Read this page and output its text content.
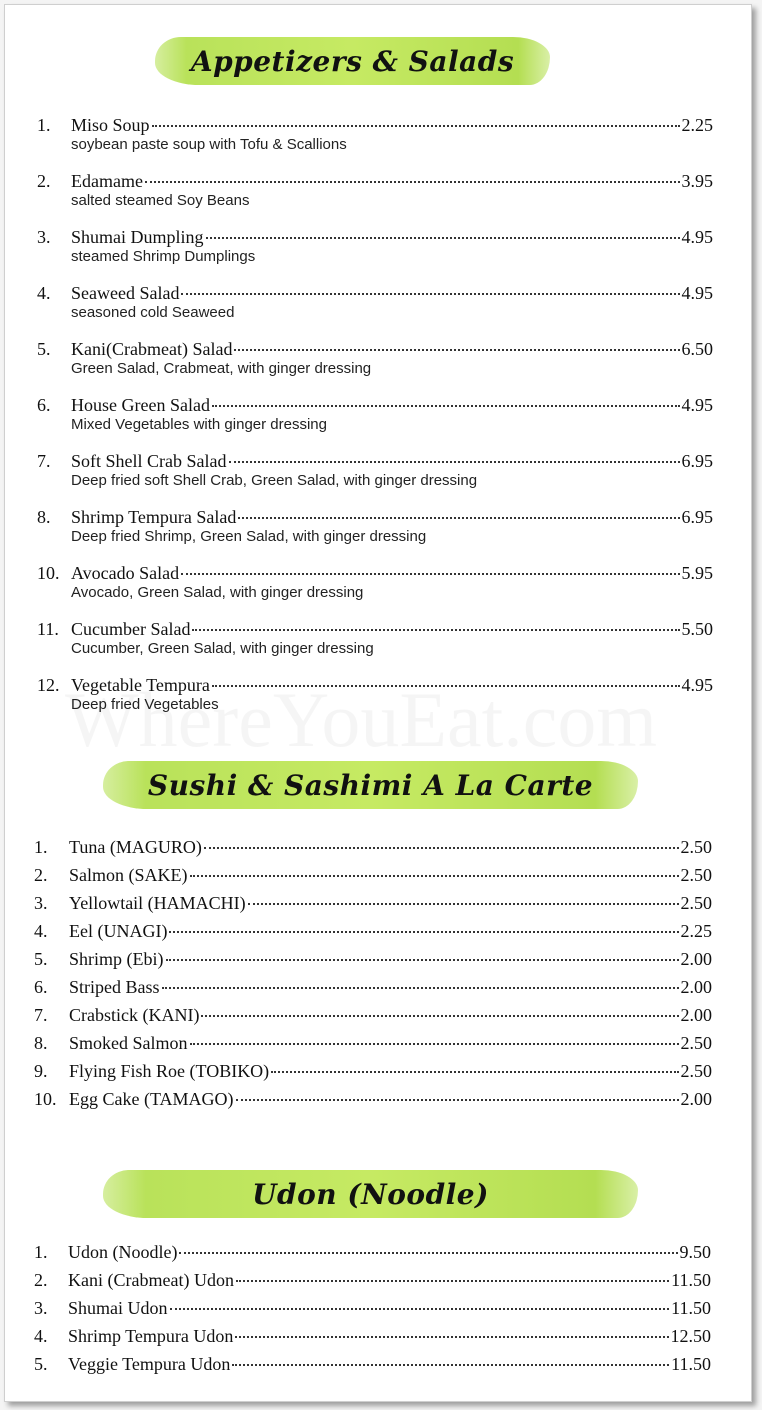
Appetizers & Salads
1.	Miso Soup	2.25
soybean paste soup with Tofu & Scallions
2.	Edamame	3.95
salted steamed Soy Beans
3.	Shumai Dumpling	4.95
steamed Shrimp Dumplings
4.	Seaweed Salad	4.95
seasoned cold Seaweed
5.	Kani(Crabmeat) Salad	6.50
Green Salad, Crabmeat, with ginger dressing
6.	House Green Salad	4.95
Mixed Vegetables with ginger dressing
7.	Soft Shell Crab Salad	6.95
Deep fried soft Shell Crab, Green Salad, with ginger dressing
8.	Shrimp Tempura Salad	6.95
Deep fried Shrimp, Green Salad, with ginger dressing
10. Avocado Salad	5.95
Avocado, Green Salad, with ginger dressing
11. Cucumber Salad	5.50
Cucumber, Green Salad, with ginger dressing
12. Vegetable Tempura	4.95
Deep fried Vegetables
Sushi & Sashimi A La Carte
1.	Tuna (MAGURO)	2.50
2.	Salmon (SAKE)	2.50
3.	Yellowtail (HAMACHI)	2.50
4.	Eel (UNAGI)	2.25
5.	Shrimp (Ebi)	2.00
6.	Striped Bass	2.00
7.	Crabstick (KANI)	2.00
8.	Smoked Salmon	2.50
9.	Flying Fish Roe (TOBIKO)	2.50
10. Egg Cake (TAMAGO)	2.00
Udon (Noodle)
1.	Udon (Noodle)	9.50
2.	Kani (Crabmeat) Udon	11.50
3.	Shumai Udon	11.50
4.	Shrimp Tempura Udon	12.50
5.	Veggie Tempura Udon	11.50
